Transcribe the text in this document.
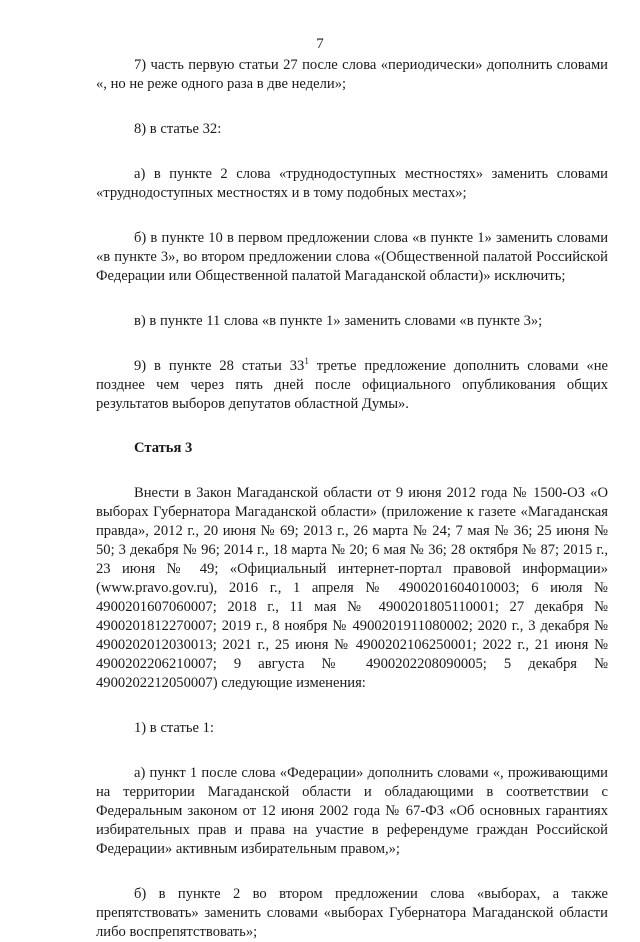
7

7) часть первую статьи 27 после слова «периодически» дополнить словами «, но не реже одного раза в две недели»;

8) в статье 32:

а) в пункте 2 слова «труднодоступных местностях» заменить словами «труднодоступных местностях и в тому подобных местах»;

б) в пункте 10 в первом предложении слова «в пункте 1» заменить словами «в пункте 3», во втором предложении слова «(Общественной палатой Российской Федерации или Общественной палатой Магаданской области)» исключить;

в) в пункте 11 слова «в пункте 1» заменить словами «в пункте 3»;

9) в пункте 28 статьи $33^1$ третье предложение дополнить словами «не позднее чем через пять дней после официального опубликования общих результатов выборов депутатов областной Думы».

Статья 3

Внести в Закон Магаданской области от 9 июня 2012 года № 1500-ОЗ «О выборах Губернатора Магаданской области» (приложение к газете «Магаданская правда», 2012 г., 20 июня № 69; 2013 г., 26 марта № 24; 7 мая № 36; 25 июня № 50; 3 декабря № 96; 2014 г., 18 марта № 20; 6 мая № 36; 28 октября № 87; 2015 г., 23 июня № 49; «Официальный интернет-портал правовой информации» (www.pravo.gov.ru), 2016 г., 1 апреля № 4900201604010003; 6 июля № 4900201607060007; 2018 г., 11 мая № 4900201805110001; 27 декабря № 4900201812270007; 2019 г., 8 ноября № 4900201911080002; 2020 г., 3 декабря № 4900202012030013; 2021 г., 25 июня № 4900202106250001; 2022 г., 21 июня № 4900202206210007; 9 августа № 4900202208090005; 5 декабря № 4900202212050007) следующие изменения:

1) в статье 1:

а) пункт 1 после слова «Федерации» дополнить словами «, проживающими на территории Магаданской области и обладающими в соответствии с Федеральным законом от 12 июня 2002 года № 67-ФЗ «Об основных гарантиях избирательных прав и права на участие в референдуме граждан Российской Федерации» активным избирательным правом,»;

б) в пункте 2 во втором предложении слова «выборах, а также препятствовать» заменить словами «выборах Губернатора Магаданской области либо воспрепятствовать»;
